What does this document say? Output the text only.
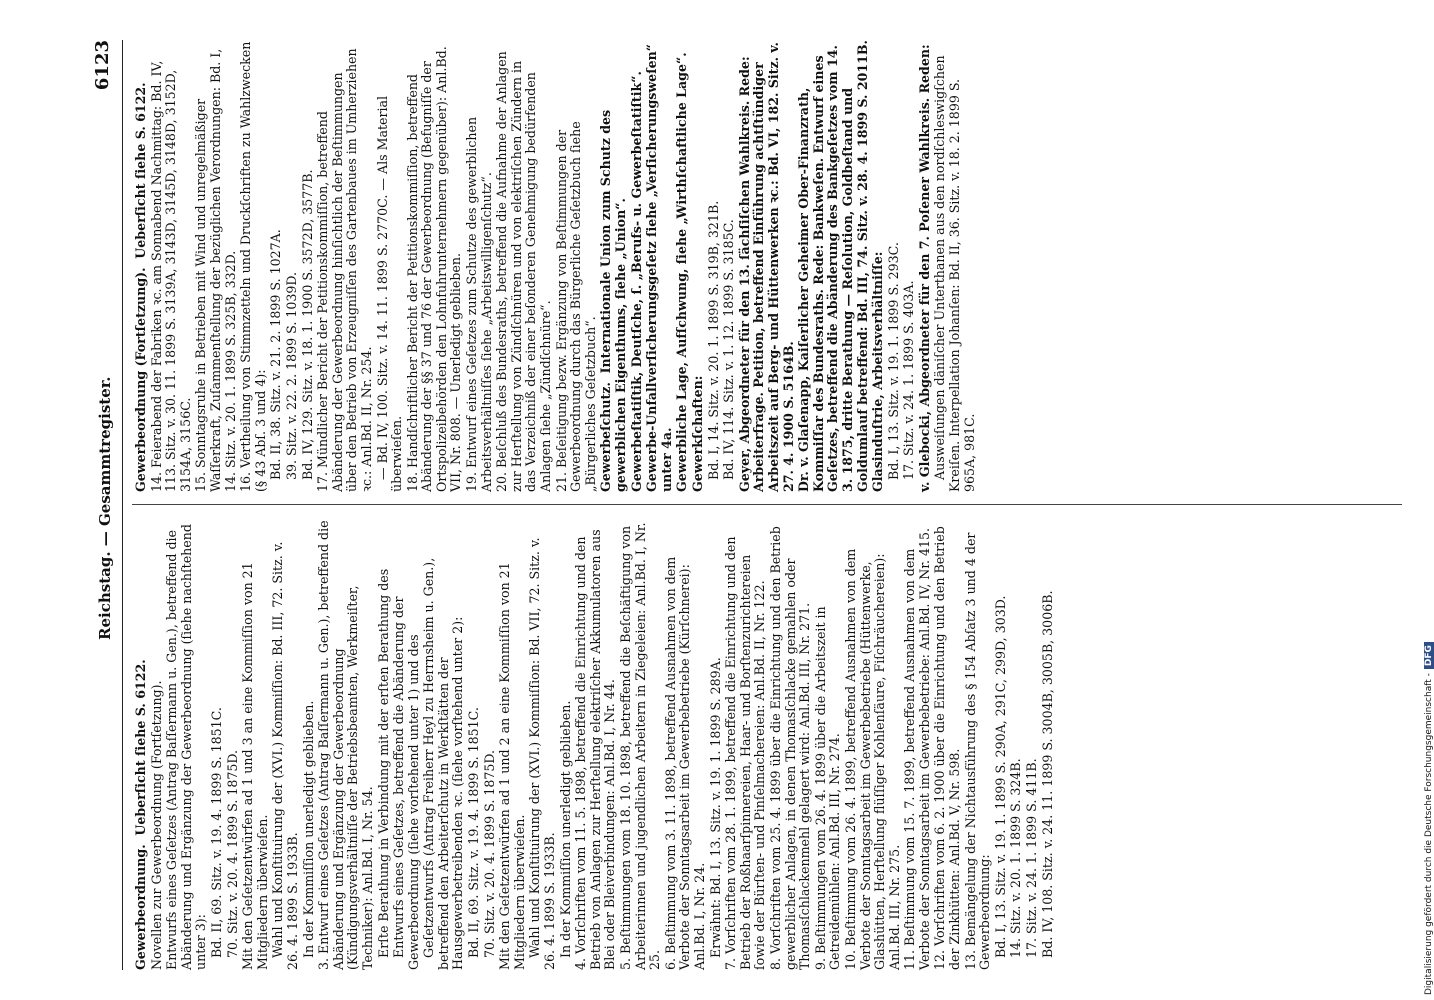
Reichstag. — Gesammtregister.
6123

Gewerbeordnung.  Ueberſicht ſiehe S. 6122. Novellen zur Gewerbeordnung (Fortſetzung). Entwurfs eines Geſetzes (Antrag Baſſermann u. Gen.), betreffend die Abänderung und Ergänzung der Gewerbeordnung (ſiehe nachſtehend unter 3): Bd. II, 69. Sitz. v. 19. 4. 1899 S. 1851C.

70. Sitz. v. 20. 4. 1899 S. 1875D. Mit den Geſetzentwürfen ad 1 und 3 an eine Kommiſſion von 21 Mitgliedern überwieſen. Wahl und Konſtituirung der (XVI.) Kommiſſion: Bd. III, 72. Sitz. v. 26. 4. 1899 S. 1933B. In der Kommiſſion unerledigt geblieben. 3. Entwurf eines Geſetzes (Antrag Baſſermann u. Gen.), betreffend die Abänderung und Ergänzung der Gewerbeordnung (Kündigungsverhältniſſe der Betriebsbeamten, Werkmeiſter, Techniker): Anl.Bd. I, Nr. 54. Erſte Berathung in Verbindung mit der erſten Berathung des

Entwurfs eines Geſetzes, betreffend die Abänderung der Gewerbeordnung (ſiehe vorſtehend unter 1) und des Geſetzentwurfs (Antrag Freiherr Heyl zu Herrnsheim u. Gen.), betreffend den Arbeiterſchutz in Werkſtätten der Hausgewerbetreibenden ꝛc. (ſiehe vorſtehend unter 2): Bd. II, 69. Sitz. v. 19. 4. 1899 S. 1851C.

70. Sitz. v. 20. 4. 1899 S. 1875D. Mit den Geſetzentwürfen ad 1 und 2 an eine Kommiſſion von 21 Mitgliedern überwieſen. Wahl und Konſtituirung der (XVI.) Kommiſſion: Bd. VII, 72. Sitz. v. 26. 4. 1899 S. 1933B. In der Kommiſſion unerledigt geblieben. 4. Vorſchriften vom 11. 5. 1898, betreffend die Einrichtung und den Betrieb von Anlagen zur Herſtellung elektriſcher Akkumulatoren aus Blei oder Bleiverbindungen: Anl.Bd. I, Nr. 44. 5. Beſtimmungen vom 18. 10. 1898, betreffend die Beſchäftigung von Arbeiterinnen und jugendlichen Arbeitern in Ziegeleien: Anl.Bd. I, Nr. 25. 6. Beſtimmung vom 3. 11. 1898, betreffend Ausnahmen von dem Verbote der Sonntagsarbeit im Gewerbebetriebe (Kürſchnerei): Anl.Bd. I, Nr. 24. Erwähnt: Bd. I, 13. Sitz. v. 19. 1. 1899 S. 289A. 7. Vorſchriften vom 28. 1. 1899, betreffend die Einrichtung und den Betrieb der Roßhaarſpinnereien, Haar- und Borſtenzurichtereien ſowie der Bürſten- und Pinſelmachereien: Anl.Bd. II, Nr. 122. 8. Vorſchriften vom 25. 4. 1899 über die Einrichtung und den Betrieb gewerblicher Anlagen, in denen Thomasſchlacke gemahlen oder Thomasſchlackenmehl gelagert wird: Anl.Bd. III, Nr. 271. 9. Beſtimmungen vom 26. 4. 1899 über die Arbeitszeit in Getreidemühlen: Anl.Bd. III, Nr. 274. 10. Beſtimmung vom 26. 4. 1899, betreffend Ausnahmen von dem Verbote der Sonntagsarbeit im Gewerbebetriebe (Hüttenwerke, Glashütten, Herſtellung flüſſiger Kohlenſäure, Fiſchräuchereien): Anl.Bd. III, Nr. 275. 11. Beſtimmung vom 15. 7. 1899, betreffend Ausnahmen von dem Verbote der Sonntagsarbeit im Gewerbebetriebe: Anl.Bd. IV, Nr. 415. 12. Vorſchriften vom 6. 2. 1900 über die Einrichtung und den Betrieb der Zinkhütten: Anl.Bd. V, Nr. 598. 13. Bemängelung der Nichtausführung des § 154 Abſatz 3 und 4 der Gewerbeordnung: Bd. I, 13. Sitz. v. 19. 1. 1899 S. 290A, 291C, 299D, 303D.

14. Sitz. v. 20. 1. 1899 S. 324B.

17. Sitz. v. 24. 1. 1899 S. 411B.

Bd. IV, 108. Sitz. v. 24. 11. 1899 S. 3004B, 3005B, 3006B.

Gewerbeordnung (Fortſetzung).  Ueberſicht ſiehe S. 6122. 14. Feierabend der Fabriken ꝛc. am Sonnabend Nachmittag: Bd. IV, 113. Sitz. v. 30. 11. 1899 S. 3139A, 3143D, 3145D, 3148D, 3152D, 3154A, 3156C. 15. Sonntagsruhe in Betrieben mit Wind und unregelmäßiger Waſſerkraft, Zuſammenſtellung der bezüglichen Verordnungen: Bd. I, 14. Sitz. v. 20. 1. 1899 S. 325B, 332D. 16. Vertheilung von Stimmzetteln und Druckſchriften zu Wahlzwecken (§ 43 Abſ. 3 und 4): Bd. II, 38. Sitz. v. 21. 2. 1899 S. 1027A.

39. Sitz. v. 22. 2. 1899 S. 1039D.

Bd. IV, 129. Sitz. v. 18. 1. 1900 S. 3572D, 3577B. 17. Mündlicher Bericht der Petitionskommiſſion, betreffend Abänderung der Gewerbeordnung hinſichtlich der Beſtimmungen über den Betrieb von Erzeugniſſen des Gartenbaues im Umherziehen ꝛc.: Anl.Bd. II, Nr. 254. — Bd. IV, 100. Sitz. v. 14. 11. 1899 S. 2770C. — Als Material überwieſen. 18. Handſchriftlicher Bericht der Petitionskommiſſion, betreffend Abänderung der §§ 37 und 76 der Gewerbeordnung (Befugniſſe der Ortspolizeibehörden den Lohnfuhrunternehmern gegenüber): Anl.Bd. VII, Nr. 808. — Unerledigt geblieben. 19. Entwurf eines Geſetzes zum Schutze des gewerblichen Arbeitsverhältniſſes ſiehe „Arbeitswilligenſchutz“. 20. Beſchluß des Bundesraths, betreffend die Aufnahme der Anlagen zur Herſtellung von Zündſchnüren und von elektriſchen Zündern in das Verzeichniß der einer beſonderen Genehmigung bedürfenden Anlagen ſiehe „Zündſchnüre“. 21. Beſeitigung bezw. Ergänzung von Beſtimmungen der Gewerbeordnung durch das Bürgerliche Geſetzbuch ſiehe „Bürgerliches Geſetzbuch“. Gewerbeſchutz.  Internationale Union zum Schutz des gewerblichen Eigenthums, ſiehe „Union“. Gewerbeſtatiſtik, Deutſche, ſ. „Berufs- u. Gewerbeſtatiſtik“. Gewerbe-Unfallverſicherungsgeſetz ſiehe „Verſicherungsweſen“ unter 4a. Gewerbliche Lage, Aufſchwung, ſiehe „Wirthſchaftliche Lage“. Gewerkſchaften: Bd. I, 14. Sitz. v. 20. 1. 1899 S. 319B, 321B.

Bd. IV, 114. Sitz. v. 1. 12. 1899 S. 3185C. Geyer, Abgeordneter für den 13. ſächſiſchen Wahlkreis. Rede: Arbeiterfrage. Petition, betreffend Einführung achtſtündiger Arbeitszeit auf Berg- und Hüttenwerken ꝛc.: Bd. VI, 182. Sitz. v. 27. 4. 1900 S. 5164B. Dr. v. Glaſenapp, Kaiſerlicher Geheimer Ober-Finanzrath, Kommiſſar des Bundesraths. Rede: Bankweſen. Entwurf eines Geſetzes, betreffend die Abänderung des Bankgeſetzes vom 14. 3. 1875, dritte Berathung — Reſolution, Goldbeſtand und Goldumlauf betreffend: Bd. III, 74. Sitz. v. 28. 4. 1899 S. 2011B. Glasinduſtrie, Arbeitsverhältniſſe: Bd. I, 13. Sitz. v. 19. 1. 1899 S. 293C.

17. Sitz. v. 24. 1. 1899 S. 403A. v. Glebocki, Abgeordneter für den 7. Poſener Wahlkreis. Reden: Ausweiſungen däniſcher Unterthanen aus den nordſchleswigſchen Kreiſen. Interpellation Johanſen: Bd. II, 36. Sitz. v. 18. 2. 1899 S. 965A, 981C.

Digitalisierung gefördert durch die Deutsche Forschungsgemeinschaft -DFG
